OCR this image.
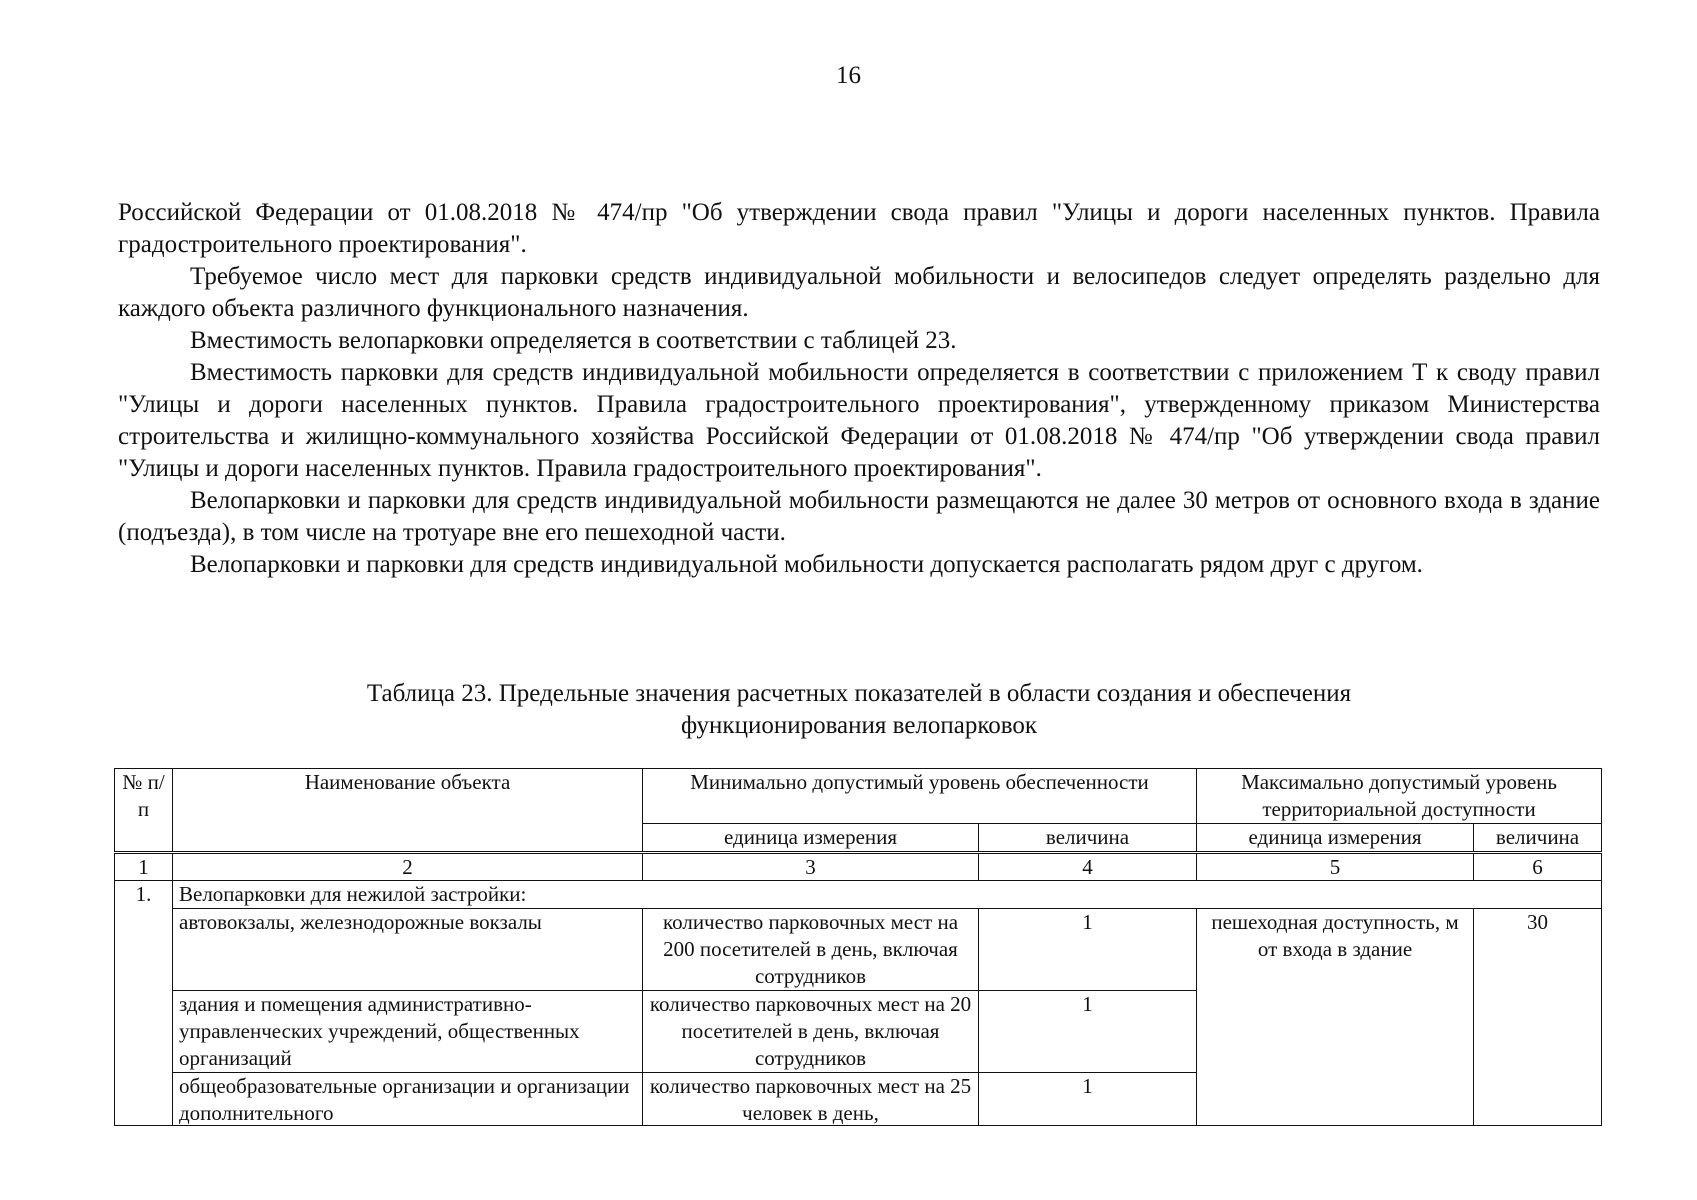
16

Российской Федерации от 01.08.2018 № 474/пр "Об утверждении свода правил "Улицы и дороги населенных пунктов. Правила градостроительного проектирования".

Требуемое число мест для парковки средств индивидуальной мобильности и велосипедов следует определять раздельно для каждого объекта различного функционального назначения.

Вместимость велопарковки определяется в соответствии с таблицей 23.

Вместимость парковки для средств индивидуальной мобильности определяется в соответствии с приложением Т к своду правил "Улицы и дороги населенных пунктов. Правила градостроительного проектирования", утвержденному приказом Министерства строительства и жилищно-коммунального хозяйства Российской Федерации от 01.08.2018 № 474/пр "Об утверждении свода правил "Улицы и дороги населенных пунктов. Правила градостроительного проектирования".

Велопарковки и парковки для средств индивидуальной мобильности размещаются не далее 30 метров от основного входа в здание (подъезда), в том числе на тротуаре вне его пешеходной части.

Велопарковки и парковки для средств индивидуальной мобильности допускается располагать рядом друг с другом.

Таблица 23. Предельные значения расчетных показателей в области создания и обеспечения
функционирования велопарковок
№ п/п	Наименование объекта	Минимально допустимый уровень обеспеченности		Максимально допустимый уровень территориальной доступности	
		единица измерения	величина	единица измерения	величина
1	2	3	4	5	6
1.	Велопарковки для нежилой застройки:				
	автовокзалы, железнодорожные вокзалы	количество парковочных мест на 200 посетителей в день, включая сотрудников	1	пешеходная доступность, м от входа в здание	30
	здания и помещения административно-управленческих учреждений, общественных организаций	количество парковочных мест на 20 посетителей в день, включая сотрудников	1		

	общеобразовательные организации и организации дополнительного	количество парковочных мест на 25 человек в день,	1		
